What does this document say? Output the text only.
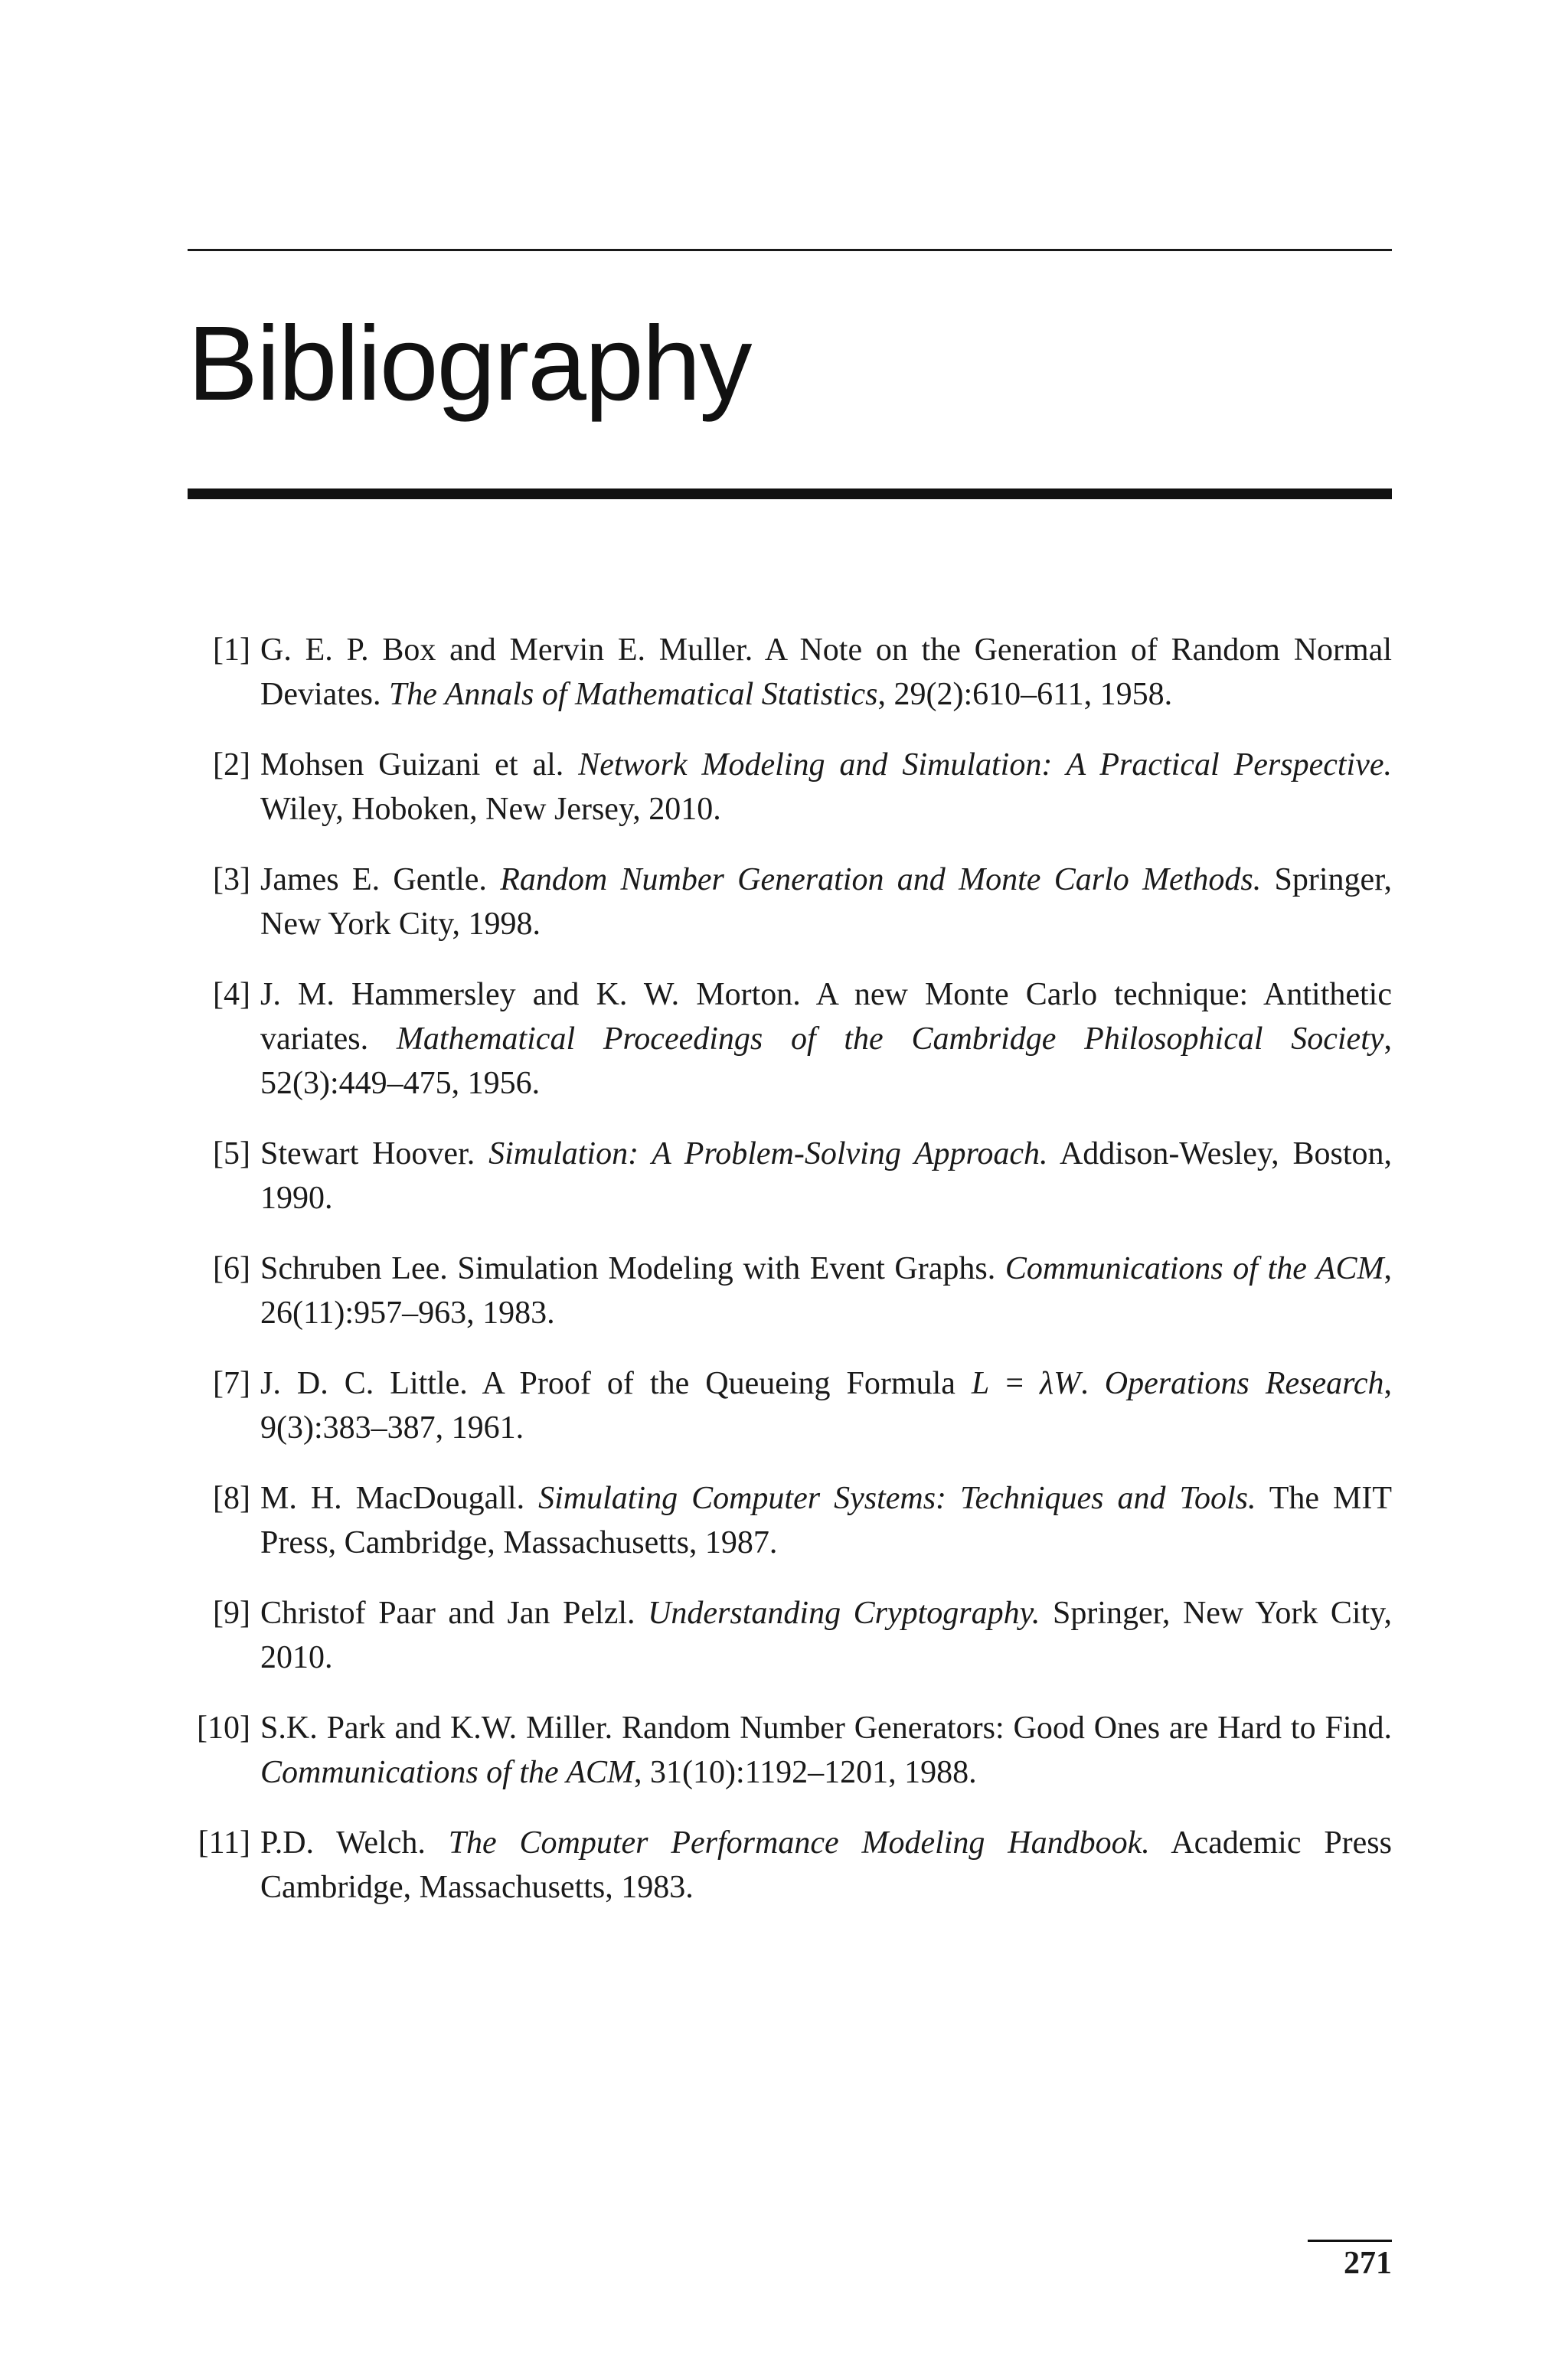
Bibliography
[1] G. E. P. Box and Mervin E. Muller. A Note on the Generation of Random Normal Deviates. The Annals of Mathematical Statistics, 29(2):610–611, 1958.
[2] Mohsen Guizani et al. Network Modeling and Simulation: A Practical Perspective. Wiley, Hoboken, New Jersey, 2010.
[3] James E. Gentle. Random Number Generation and Monte Carlo Methods. Springer, New York City, 1998.
[4] J. M. Hammersley and K. W. Morton. A new Monte Carlo technique: Antithetic variates. Mathematical Proceedings of the Cambridge Philosophical Society, 52(3):449–475, 1956.
[5] Stewart Hoover. Simulation: A Problem-Solving Approach. Addison-Wesley, Boston, 1990.
[6] Schruben Lee. Simulation Modeling with Event Graphs. Communications of the ACM, 26(11):957–963, 1983.
[7] J. D. C. Little. A Proof of the Queueing Formula L = λW. Operations Research, 9(3):383–387, 1961.
[8] M. H. MacDougall. Simulating Computer Systems: Techniques and Tools. The MIT Press, Cambridge, Massachusetts, 1987.
[9] Christof Paar and Jan Pelzl. Understanding Cryptography. Springer, New York City, 2010.
[10] S.K. Park and K.W. Miller. Random Number Generators: Good Ones are Hard to Find. Communications of the ACM, 31(10):1192–1201, 1988.
[11] P.D. Welch. The Computer Performance Modeling Handbook. Academic Press Cambridge, Massachusetts, 1983.
271
